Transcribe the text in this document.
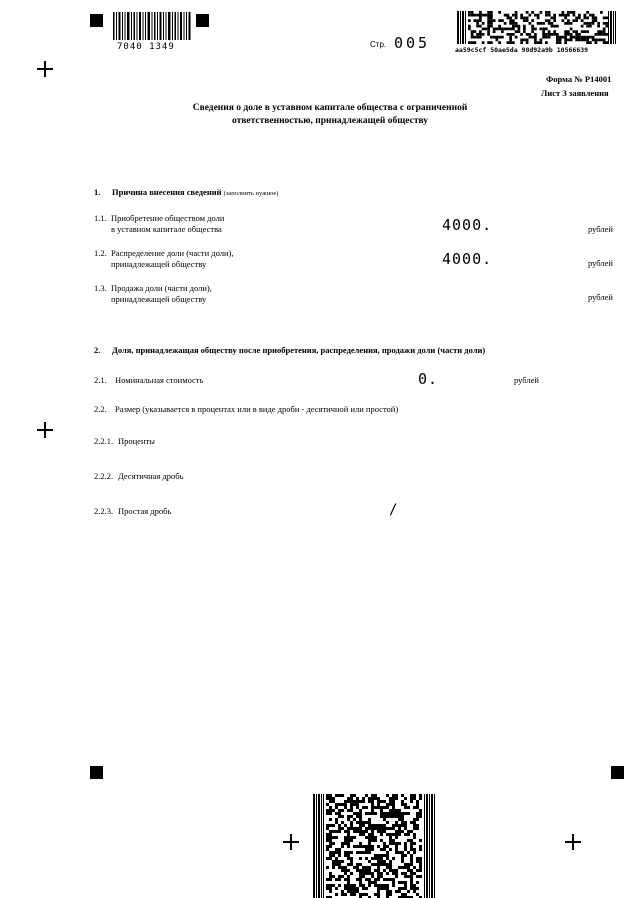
7040 1349	Стр. 005	aa59c5cf 50ae5da 98d92a9b 10566639
Форма № Р14001
Лист З заявления
Сведения о доле в уставном капитале общества с ограниченной
ответственностью, принадлежащей обществу
1. Причина внесения сведений (заполнить нужное)
1.1. Приобретение обществом доли
в уставном капитале общества	4000.	рублей
1.2. Распределение доли (части доли),
принадлежащей обществу	4000.	рублей
1.3. Продажа доли (части доли),
принадлежащей обществу	рублей
2. Доля, принадлежащая обществу после приобретения, распределения, продажи доли (части доли)
2.1. Номинальная стоимость	0.	рублей
2.2. Размер (указывается в процентах или в виде дроби - десятичной или простой)
2.2.1. Проценты
2.2.2. Десятичная дробь
2.2.3. Простая дробь	/
